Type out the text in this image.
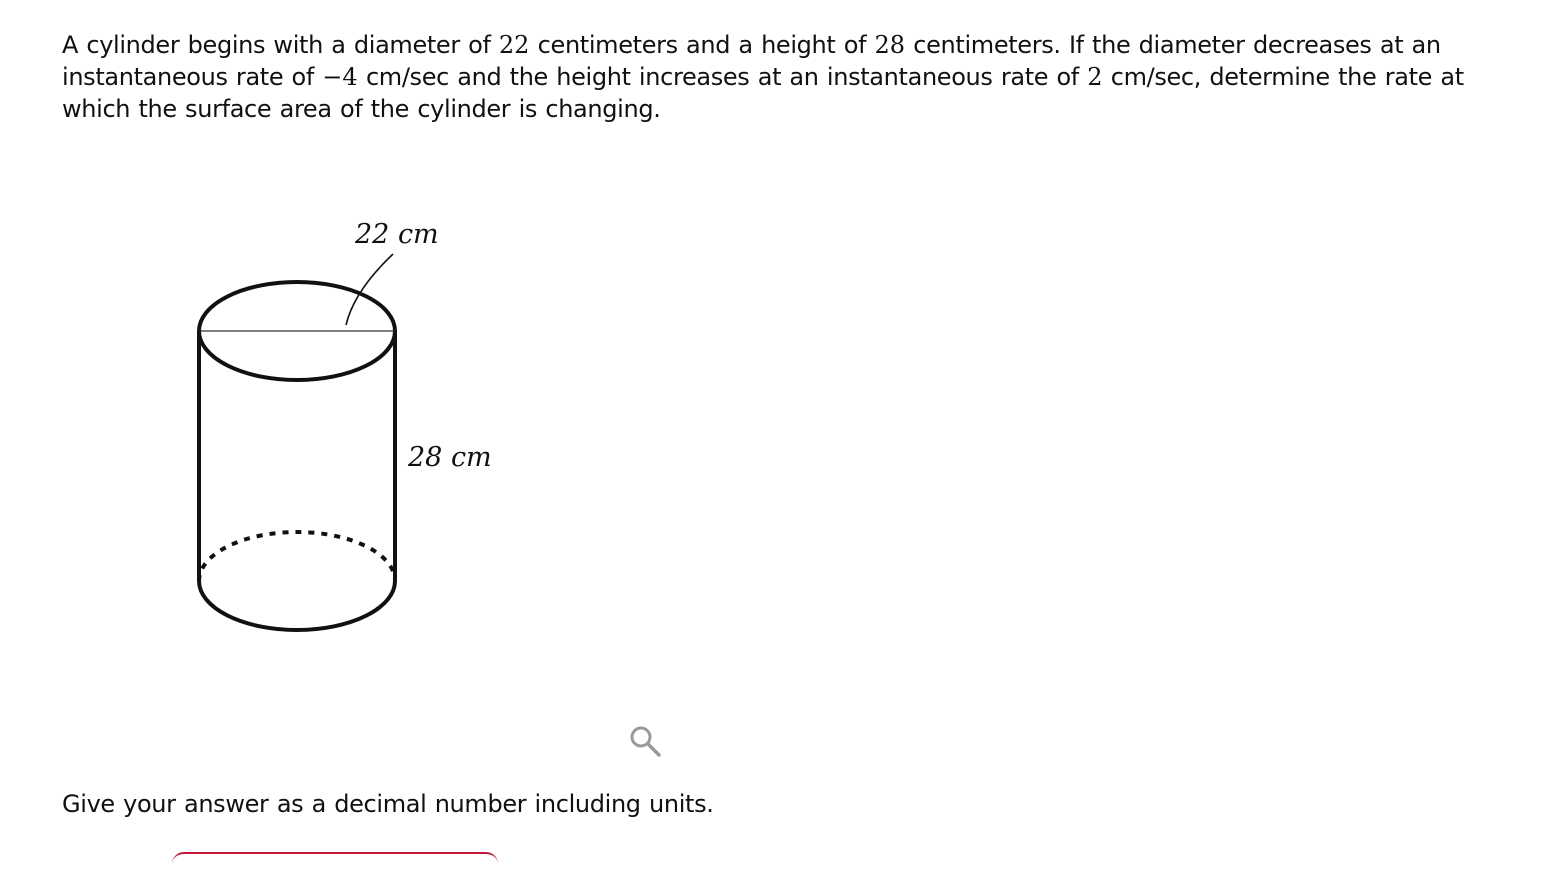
A cylinder begins with a diameter of 22 centimeters and a height of 28 centimeters. If the diameter decreases at an instantaneous rate of −4 cm/sec and the height increases at an instantaneous rate of 2 cm/sec, determine the rate at which the surface area of the cylinder is changing.
22 cm
28 cm
Give your answer as a decimal number including units.
